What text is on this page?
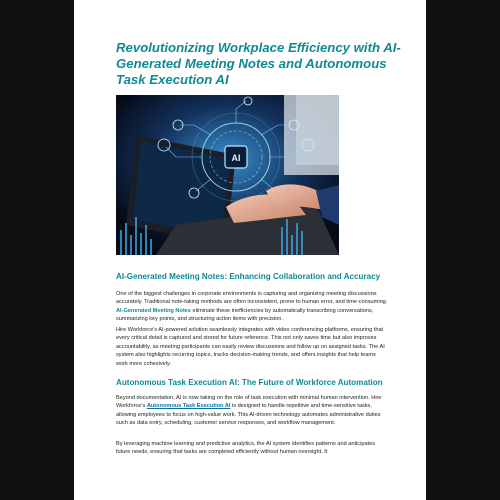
Revolutionizing Workplace Efficiency with AI-Generated Meeting Notes and Autonomous Task Execution AI
AI
AI-Generated Meeting Notes: Enhancing Collaboration and Accuracy

One of the biggest challenges in corporate environments is capturing and organizing meeting discussions accurately. Traditional note-taking methods are often inconsistent, prone to human error, and time-consuming. AI-Generated Meeting Notes eliminate these inefficiencies by automatically transcribing conversations, summarizing key points, and structuring action items with precision.

Hire Workforce's AI-powered solution seamlessly integrates with video conferencing platforms, ensuring that every critical detail is captured and stored for future reference. This not only saves time but also improves accountability, as meeting participants can easily review discussions and follow up on assigned tasks. The AI system also highlights recurring topics, tracks decision-making trends, and offers insights that help teams work more cohesively.

Autonomous Task Execution AI: The Future of Workforce Automation

Beyond documentation, AI is now taking on the role of task execution with minimal human intervention. Hire Workforce's Autonomous Task Execution AI is designed to handle repetitive and time-sensitive tasks, allowing employees to focus on high-value work. This AI-driven technology automates administrative duties such as data entry, scheduling, customer service responses, and workflow management.

By leveraging machine learning and predictive analytics, the AI system identifies patterns and anticipates future needs, ensuring that tasks are completed efficiently without human oversight. It
